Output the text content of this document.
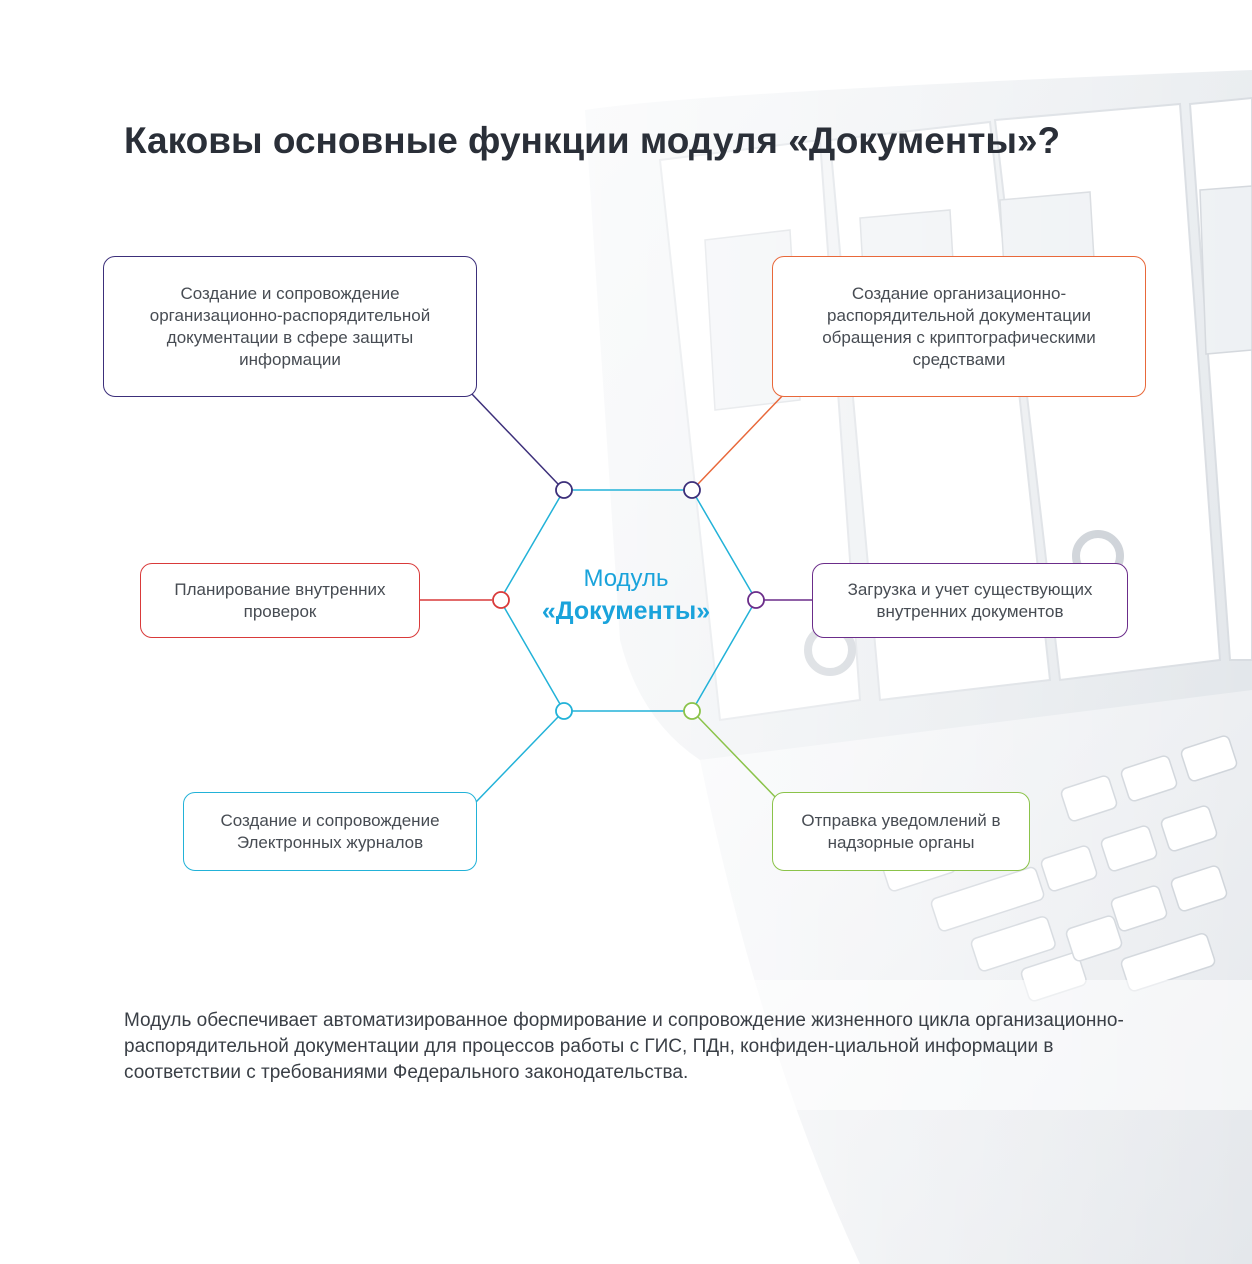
Каковы основные функции модуля «Документы»?
Создание и сопровождение организационно-распорядительной документации в сфере защиты информации
Создание организационно-распорядительной документации обращения с криптографическими средствами
Планирование внутренних проверок
Загрузка и учет существующих внутренних документов
Создание и сопровождение Электронных журналов
Отправка уведомлений в надзорные органы
Модуль
«Документы»

Модуль обеспечивает автоматизированное формирование и сопровождение жизненного цикла организационно-распорядительной документации для процессов работы с ГИС, ПДн, конфиден-циальной информации в соответствии с требованиями Федерального законодательства.
